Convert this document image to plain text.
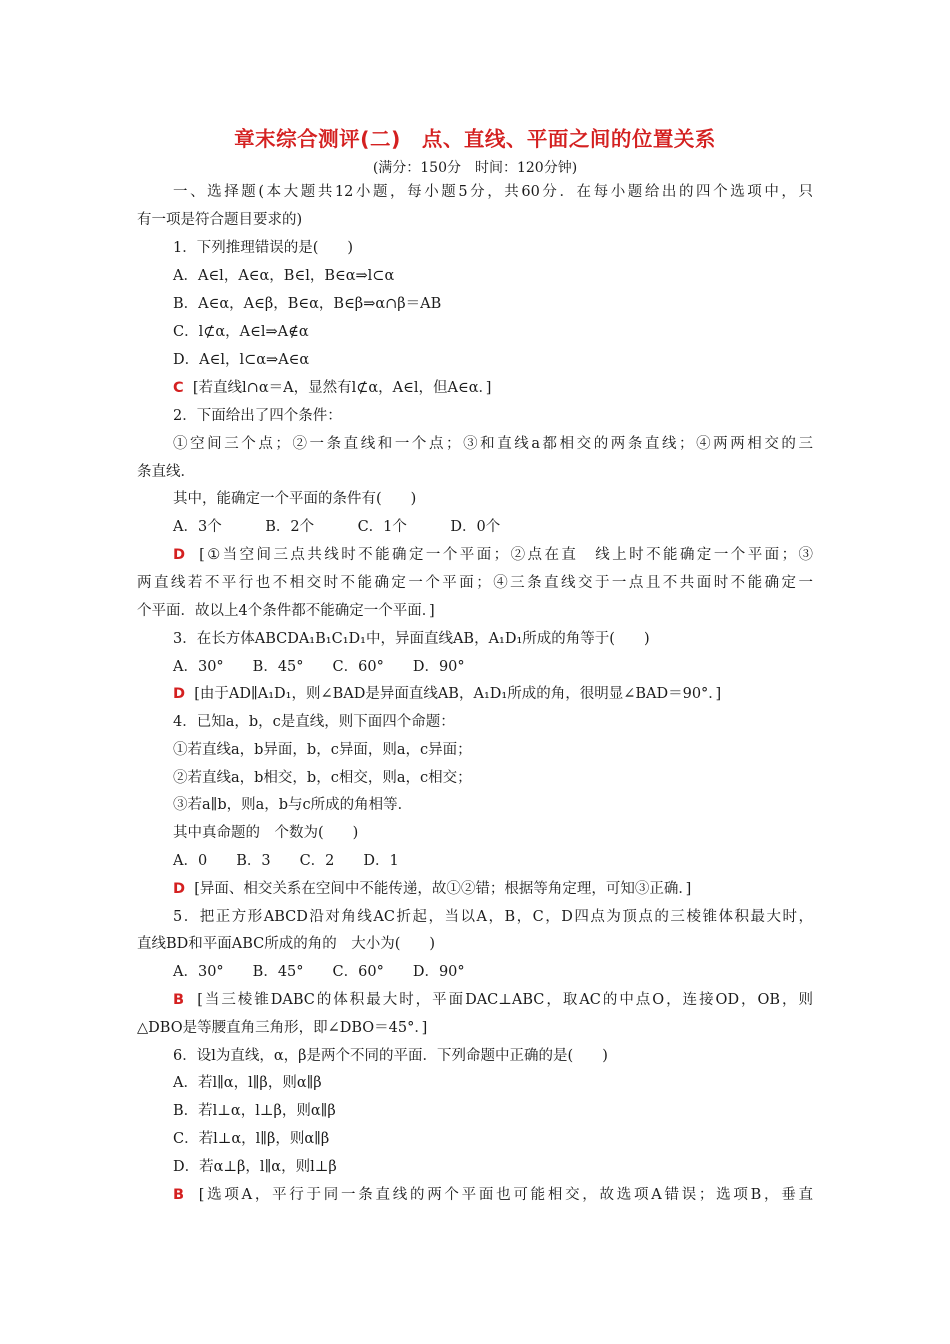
章末综合测评(二)　点、直线、平面之间的位置关系
(满分：150分　时间：120分钟)
一、选择题(本大题共12小题，每小题5分，共60分．在每小题给出的四个选项中，只
有一项是符合题目要求的)
1．下列推理错误的是(　　)
A．A∈l，A∈α，B∈l，B∈α⇒l⊂α
B．A∈α，A∈β，B∈α，B∈β⇒α∩β＝AB
C．l⊄α，A∈l⇒A∉α
D．A∈l，l⊂α⇒A∈α
C [若直线l∩α＝A，显然有l⊄α，A∈l，但A∈α．]
2．下面给出了四个条件：
①空间三个点；②一条直线和一个点；③和直线a都相交的两条直线；④两两相交的三
条直线．
其中，能确定一个平面的条件有(　　)
A．3个　　　B．2个　　　C．1个　　　D．0个
D [①当空间三点共线时不能确定一个平面；②点在直　线上时不能确定一个平面；③
两直线若不平行也不相交时不能确定一个平面；④三条直线交于一点且不共面时不能确定一
个平面．故以上4个条件都不能确定一个平面．]
3．在长方体ABCDA₁B₁C₁D₁中，异面直线AB，A₁D₁所成的角等于(　　)
A．30°　　B．45°　　C．60°　　D．90°
D [由于AD∥A₁D₁，则∠BAD是异面直线AB，A₁D₁所成的角，很明显∠BAD＝90°．]
4．已知a，b，c是直线，则下面四个命题：
①若直线a，b异面，b，c异面，则a，c异面；
②若直线a，b相交，b，c相交，则a，c相交；
③若a∥b，则a，b与c所成的角相等．
其中真命题的　个数为(　　)
A．0　　B．3　　C．2　　D．1
D [异面、相交关系在空间中不能传递，故①②错；根据等角定理，可知③正确．]
5．把正方形ABCD沿对角线AC折起，当以A，B，C，D四点为顶点的三棱锥体积最大时，
直线BD和平面ABC所成的角的　大小为(　　)
A．30°　　B．45°　　C．60°　　D．90°
B [当三棱锥DABC的体积最大时，平面DAC⊥ABC，取AC的中点O，连接OD，OB，则
△DBO是等腰直角三角形，即∠DBO＝45°．]
6．设l为直线，α，β是两个不同的平面．下列命题中正确的是(　　)
A．若l∥α，l∥β，则α∥β
B．若l⊥α，l⊥β，则α∥β
C．若l⊥α，l∥β，则α∥β
D．若α⊥β，l∥α，则l⊥β
B [选项A，平行于同一条直线的两个平面也可能相交，故选项A错误；选项B，垂直
